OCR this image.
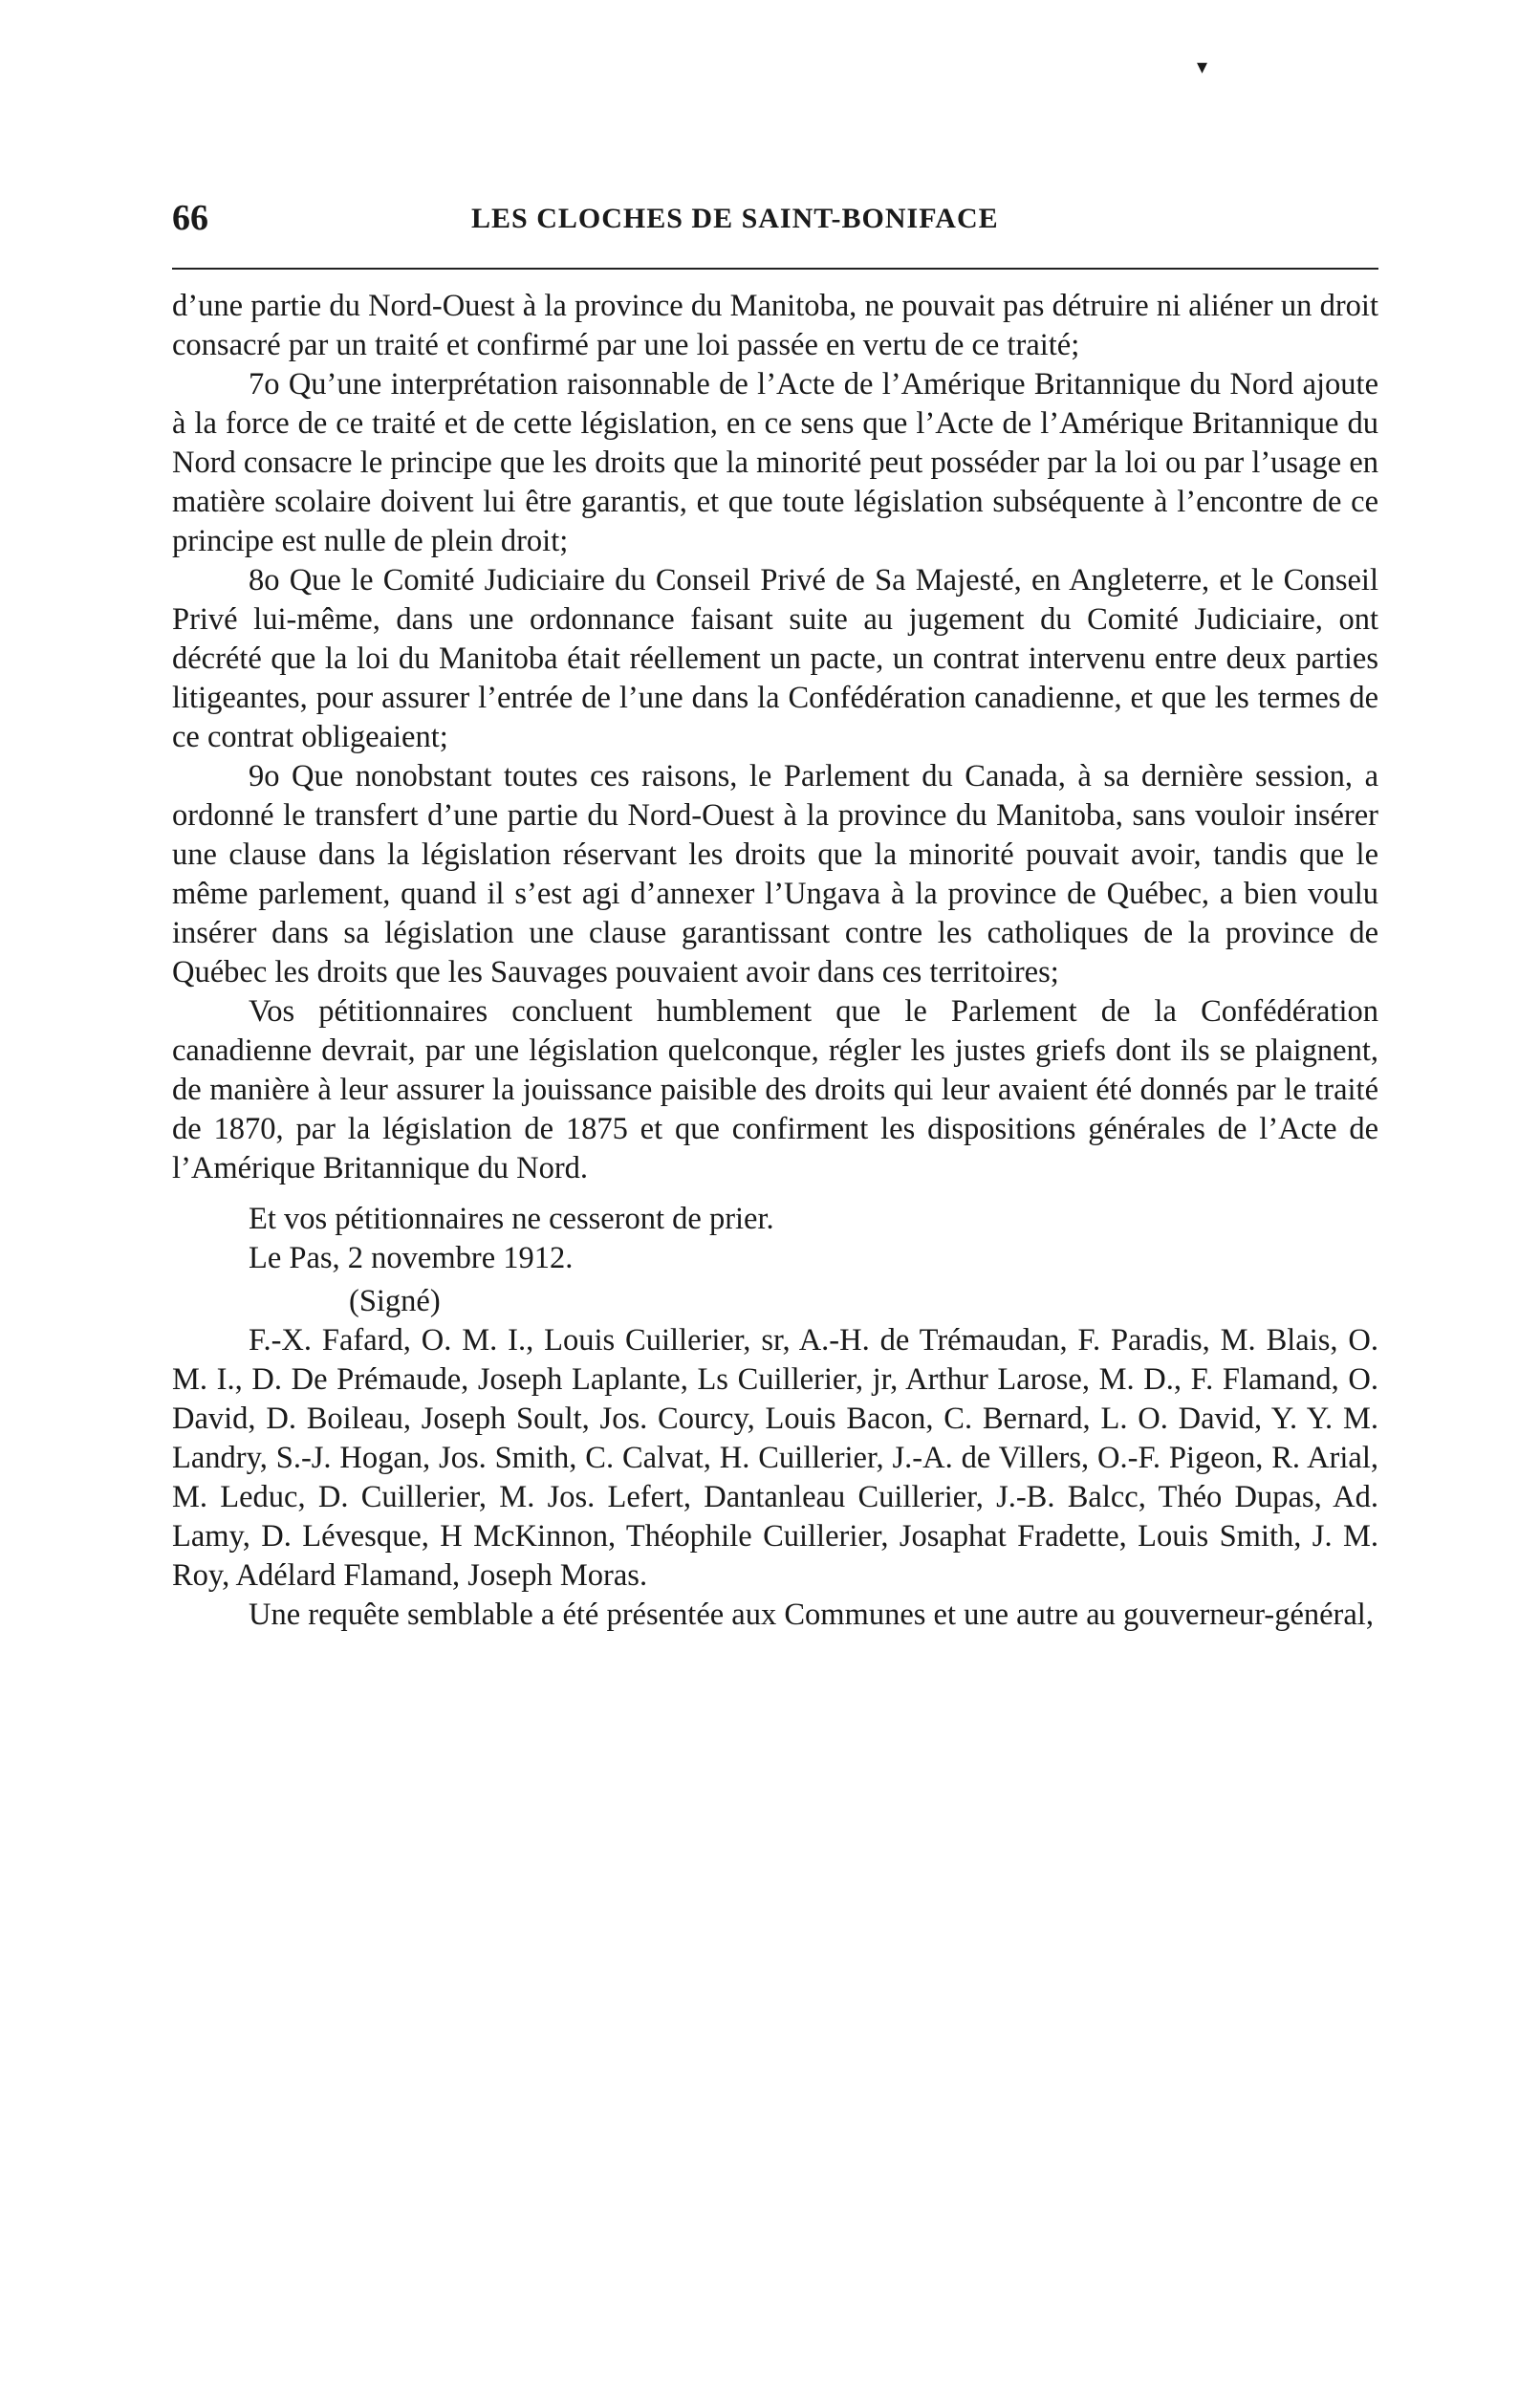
▾
66	LES CLOCHES DE SAINT-BONIFACE

d’une partie du Nord-Ouest à la province du Manitoba, ne pouvait pas détruire ni aliéner un droit consacré par un traité et confirmé par une loi passée en vertu de ce traité;

7o Qu’une interprétation raisonnable de l’Acte de l’Amérique Britannique du Nord ajoute à la force de ce traité et de cette législation, en ce sens que l’Acte de l’Amérique Britannique du Nord consacre le principe que les droits que la minorité peut posséder par la loi ou par l’usage en matière scolaire doivent lui être garantis, et que toute législation subséquente à l’encontre de ce principe est nulle de plein droit;

8o Que le Comité Judiciaire du Conseil Privé de Sa Majesté, en Angleterre, et le Conseil Privé lui-même, dans une ordonnance faisant suite au jugement du Comité Judiciaire, ont décrété que la loi du Manitoba était réellement un pacte, un contrat intervenu entre deux parties litigeantes, pour assurer l’entrée de l’une dans la Confédération canadienne, et que les termes de ce contrat obligeaient;

9o Que nonobstant toutes ces raisons, le Parlement du Canada, à sa dernière session, a ordonné le transfert d’une partie du Nord-Ouest à la province du Manitoba, sans vouloir insérer une clause dans la législation réservant les droits que la minorité pouvait avoir, tandis que le même parlement, quand il s’est agi d’annexer l’Ungava à la province de Québec, a bien voulu insérer dans sa législation une clause garantissant contre les catholiques de la province de Québec les droits que les Sauvages pouvaient avoir dans ces territoires;

Vos pétitionnaires concluent humblement que le Parlement de la Confédération canadienne devrait, par une législation quelconque, régler les justes griefs dont ils se plaignent, de manière à leur assurer la jouissance paisible des droits qui leur avaient été donnés par le traité de 1870, par la législation de 1875 et que confirment les dispositions générales de l’Acte de l’Amérique Britannique du Nord.

Et vos pétitionnaires ne cesseront de prier.

Le Pas, 2 novembre 1912.

(Signé)

F.-X. Fafard, O. M. I., Louis Cuillerier, sr, A.-H. de Trémaudan, F. Paradis, M. Blais, O. M. I., D. De Prémaude, Joseph Laplante, Ls Cuillerier, jr, Arthur Larose, M. D., F. Flamand, O. David, D. Boileau, Joseph Soult, Jos. Courcy, Louis Bacon, C. Bernard, L. O. David, Y. Y. M. Landry, S.-J. Hogan, Jos. Smith, C. Calvat, H. Cuillerier, J.-A. de Villers, O.-F. Pigeon, R. Arial, M. Leduc, D. Cuillerier, M. Jos. Lefert, Dantanleau Cuillerier, J.-B. Balcc, Théo Dupas, Ad. Lamy, D. Lévesque, H McKinnon, Théophile Cuillerier, Josaphat Fradette, Louis Smith, J. M. Roy, Adélard Flamand, Joseph Moras.

Une requête semblable a été présentée aux Communes et une autre au gouverneur-général,
